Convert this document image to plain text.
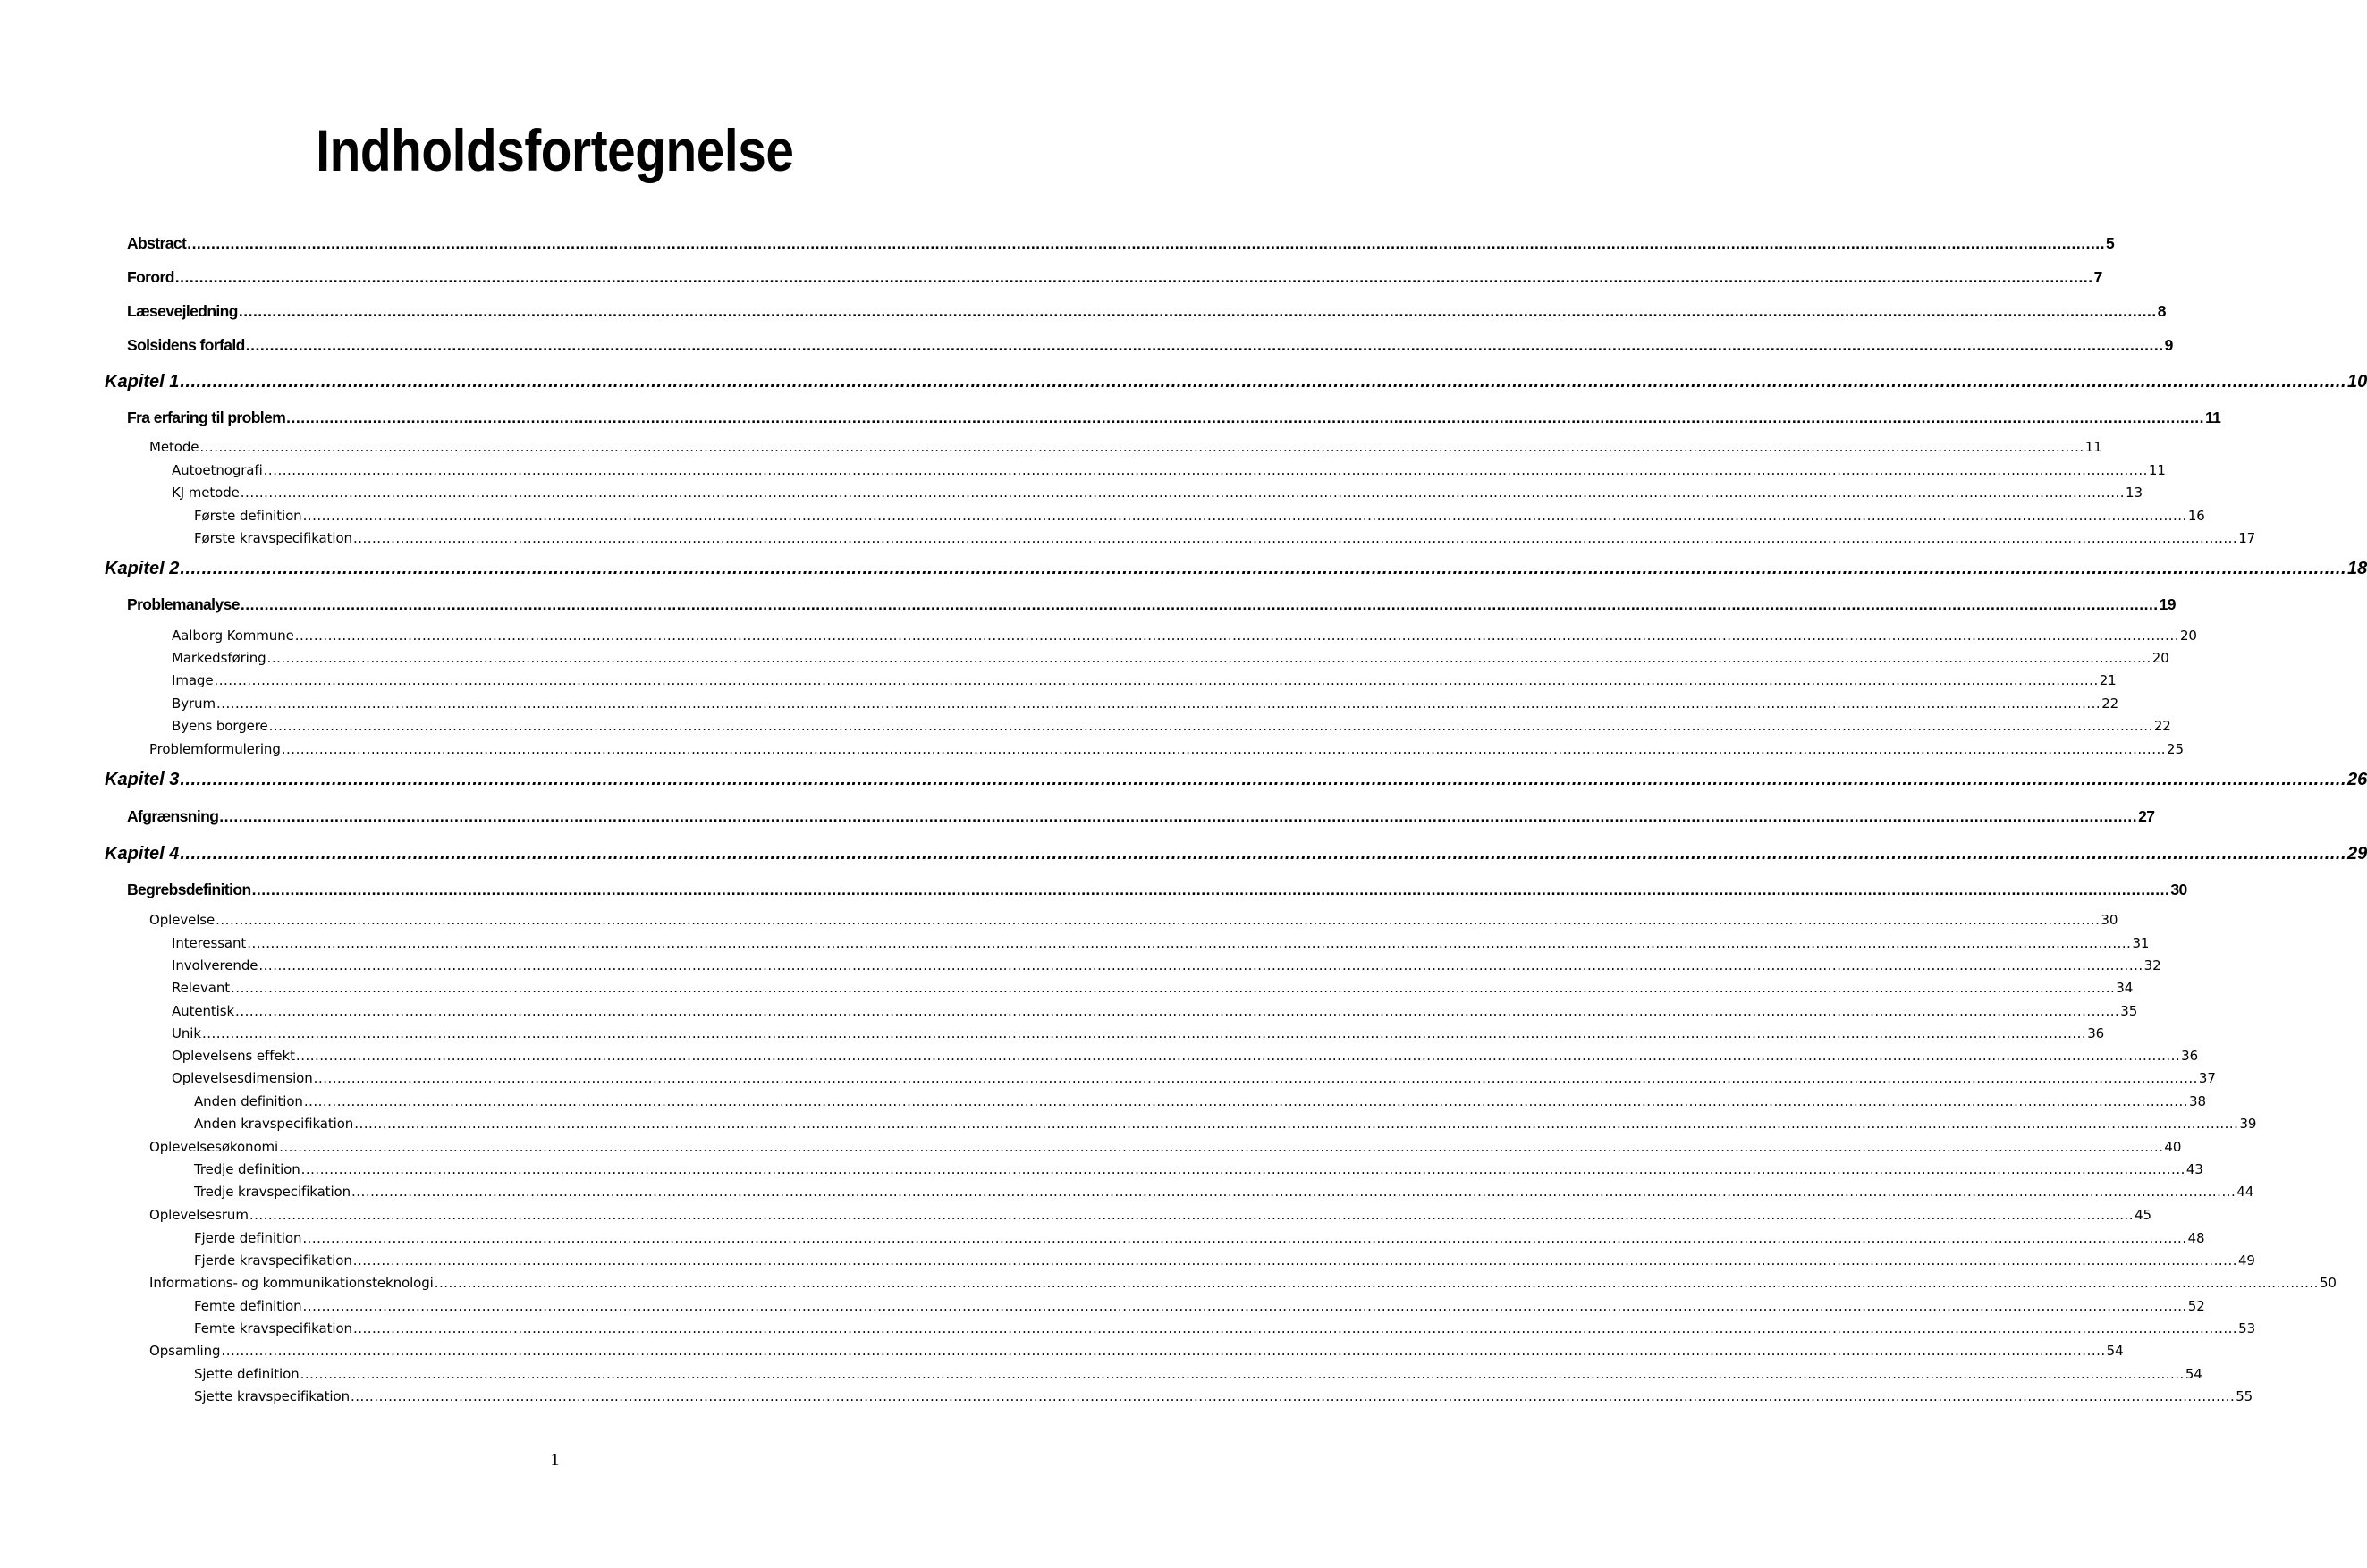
Indholdsfortegnelse
Abstract ................................................................................................................................................................................................................................................................................................................................................................................................................ 5
Forord ................................................................................................................................................................................................................................................................................................................................................................................................................ 7
Læsevejledning ................................................................................................................................................................................................................................................................................................................................................................................................................ 8
Solsidens forfald ................................................................................................................................................................................................................................................................................................................................................................................................................ 9
Kapitel 1 ................................................................................................................................................................................................................................................................................................................................................................................................................ 10
Fra erfaring til problem ................................................................................................................................................................................................................................................................................................................................................................................................................ 11
Metode ................................................................................................................................................................................................................................................................................................................................................................................................................ 11
Autoetnografi ................................................................................................................................................................................................................................................................................................................................................................................................................ 11
KJ metode ................................................................................................................................................................................................................................................................................................................................................................................................................ 13
Første definition ................................................................................................................................................................................................................................................................................................................................................................................................................ 16
Første kravspecifikation ................................................................................................................................................................................................................................................................................................................................................................................................................ 17
Kapitel 2 ................................................................................................................................................................................................................................................................................................................................................................................................................ 18
Problemanalyse ................................................................................................................................................................................................................................................................................................................................................................................................................ 19
Aalborg Kommune ................................................................................................................................................................................................................................................................................................................................................................................................................ 20
Markedsføring ................................................................................................................................................................................................................................................................................................................................................................................................................ 20
Image ................................................................................................................................................................................................................................................................................................................................................................................................................ 21
Byrum ................................................................................................................................................................................................................................................................................................................................................................................................................ 22
Byens borgere ................................................................................................................................................................................................................................................................................................................................................................................................................ 22
Problemformulering ................................................................................................................................................................................................................................................................................................................................................................................................................ 25
Kapitel 3 ................................................................................................................................................................................................................................................................................................................................................................................................................ 26
Afgrænsning ................................................................................................................................................................................................................................................................................................................................................................................................................ 27
Kapitel 4 ................................................................................................................................................................................................................................................................................................................................................................................................................ 29
Begrebsdefinition ................................................................................................................................................................................................................................................................................................................................................................................................................ 30
Oplevelse ................................................................................................................................................................................................................................................................................................................................................................................................................ 30
Interessant ................................................................................................................................................................................................................................................................................................................................................................................................................ 31
Involverende ................................................................................................................................................................................................................................................................................................................................................................................................................ 32
Relevant ................................................................................................................................................................................................................................................................................................................................................................................................................ 34
Autentisk ................................................................................................................................................................................................................................................................................................................................................................................................................ 35
Unik ................................................................................................................................................................................................................................................................................................................................................................................................................ 36
Oplevelsens effekt ................................................................................................................................................................................................................................................................................................................................................................................................................ 36
Oplevelsesdimension ................................................................................................................................................................................................................................................................................................................................................................................................................ 37
Anden definition ................................................................................................................................................................................................................................................................................................................................................................................................................ 38
Anden kravspecifikation ................................................................................................................................................................................................................................................................................................................................................................................................................ 39
Oplevelsesøkonomi ................................................................................................................................................................................................................................................................................................................................................................................................................ 40
Tredje definition ................................................................................................................................................................................................................................................................................................................................................................................................................ 43
Tredje kravspecifikation ................................................................................................................................................................................................................................................................................................................................................................................................................ 44
Oplevelsesrum ................................................................................................................................................................................................................................................................................................................................................................................................................ 45
Fjerde definition ................................................................................................................................................................................................................................................................................................................................................................................................................ 48
Fjerde kravspecifikation ................................................................................................................................................................................................................................................................................................................................................................................................................ 49
Informations- og kommunikationsteknologi ................................................................................................................................................................................................................................................................................................................................................................................................................ 50
Femte definition ................................................................................................................................................................................................................................................................................................................................................................................................................ 52
Femte kravspecifikation ................................................................................................................................................................................................................................................................................................................................................................................................................ 53
Opsamling ................................................................................................................................................................................................................................................................................................................................................................................................................ 54
Sjette definition ................................................................................................................................................................................................................................................................................................................................................................................................................ 54
Sjette kravspecifikation ................................................................................................................................................................................................................................................................................................................................................................................................................ 55
1
